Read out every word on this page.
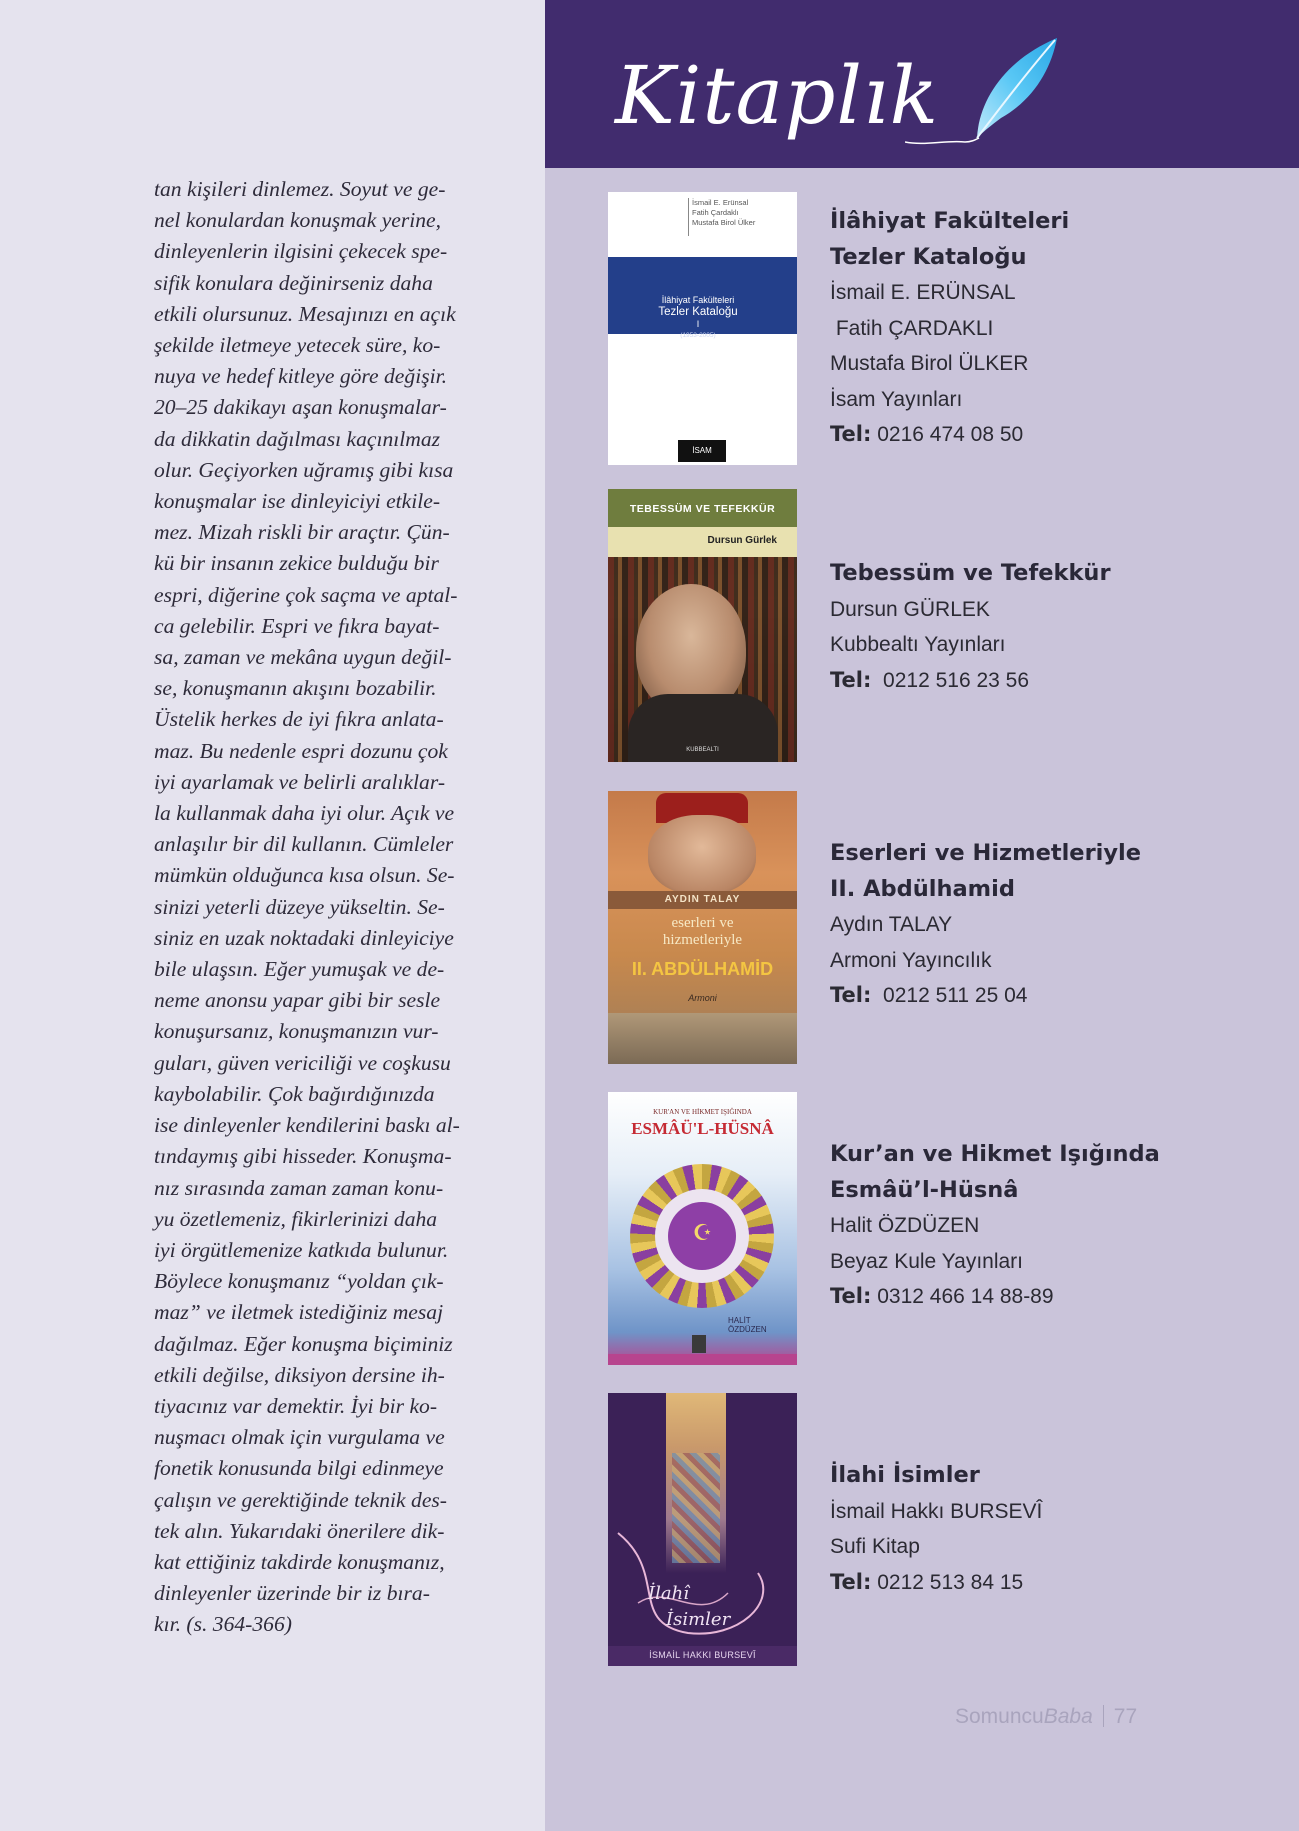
tan kişileri dinlemez. Soyut ve ge-
nel konulardan konuşmak yerine,
dinleyenlerin ilgisini çekecek spe-
sifik konulara değinirseniz daha
etkili olursunuz. Mesajınızı en açık
şekilde iletmeye yetecek süre, ko-
nuya ve hedef kitleye göre değişir.
20–25 dakikayı aşan konuşmalar-
da dikkatin dağılması kaçınılmaz
olur. Geçiyorken uğramış gibi kısa
konuşmalar ise dinleyiciyi etkile-
mez. Mizah riskli bir araçtır. Çün-
kü bir insanın zekice bulduğu bir
espri, diğerine çok saçma ve aptal-
ca gelebilir. Espri ve fıkra bayat-
sa, zaman ve mekâna uygun değil-
se, konuşmanın akışını bozabilir.
Üstelik herkes de iyi fıkra anlata-
maz. Bu nedenle espri dozunu çok
iyi ayarlamak ve belirli aralıklar-
la kullanmak daha iyi olur. Açık ve
anlaşılır bir dil kullanın. Cümleler
mümkün olduğunca kısa olsun. Se-
sinizi yeterli düzeye yükseltin. Se-
siniz en uzak noktadaki dinleyiciye
bile ulaşsın. Eğer yumuşak ve de-
neme anonsu yapar gibi bir sesle
konuşursanız, konuşmanızın vur-
guları, güven vericiliği ve coşkusu
kaybolabilir. Çok bağırdığınızda
ise dinleyenler kendilerini baskı al-
tındaymış gibi hisseder. Konuşma-
nız sırasında zaman zaman konu-
yu özetlemeniz, fikirlerinizi daha
iyi örgütlemenize katkıda bulunur.
Böylece konuşmanız “yoldan çık-
maz” ve iletmek istediğiniz mesaj
dağılmaz. Eğer konuşma biçiminiz
etkili değilse, diksiyon dersine ih-
tiyacınız var demektir. İyi bir ko-
nuşmacı olmak için vurgulama ve
fonetik konusunda bilgi edinmeye
çalışın ve gerektiğinde teknik des-
tek alın. Yukarıdaki önerilere dik-
kat ettiğiniz takdirde konuşmanız,
dinleyenler üzerinde bir iz bıra-
kır. (s. 364-366)

Kitaplık
İsmail E. Erünsal
Fatih Çardaklı
Mustafa Birol Ülker
İlâhiyat Fakülteleri
Tezler Kataloğu
I
(1953-2005)
İSAM
İlâhiyat Fakülteleri
Tezler Kataloğu
İsmail E. ERÜNSAL
Fatih ÇARDAKLI
Mustafa Birol ÜLKER
İsam Yayınları
Tel: 0216 474 08 50
TEBESSÜM VE TEFEKKÜR
Dursun Gürlek
KUBBEALTI
Tebessüm ve Tefekkür
Dursun GÜRLEK
Kubbealtı Yayınları
Tel:  0212 516 23 56
AYDIN TALAY
eserleri ve
hizmetleriyle
II. ABDÜLHAMİD
Armoni
Eserleri ve Hizmetleriyle
II. Abdülhamid
Aydın TALAY
Armoni Yayıncılık
Tel:  0212 511 25 04
KUR'AN VE HİKMET IŞIĞINDA
ESMÂÜ'L-HÜSNÂ
☪
HALİT
ÖZDÜZEN
Kur’an ve Hikmet Işığında
Esmâü’l-Hüsnâ
Halit ÖZDÜZEN
Beyaz Kule Yayınları
Tel: 0312 466 14 88-89
İlahî
İsimler
İSMAİL HAKKI BURSEVÎ
İlahi İsimler
İsmail Hakkı BURSEVÎ
Sufi Kitap
Tel: 0212 513 84 15
SomuncuBaba 77
